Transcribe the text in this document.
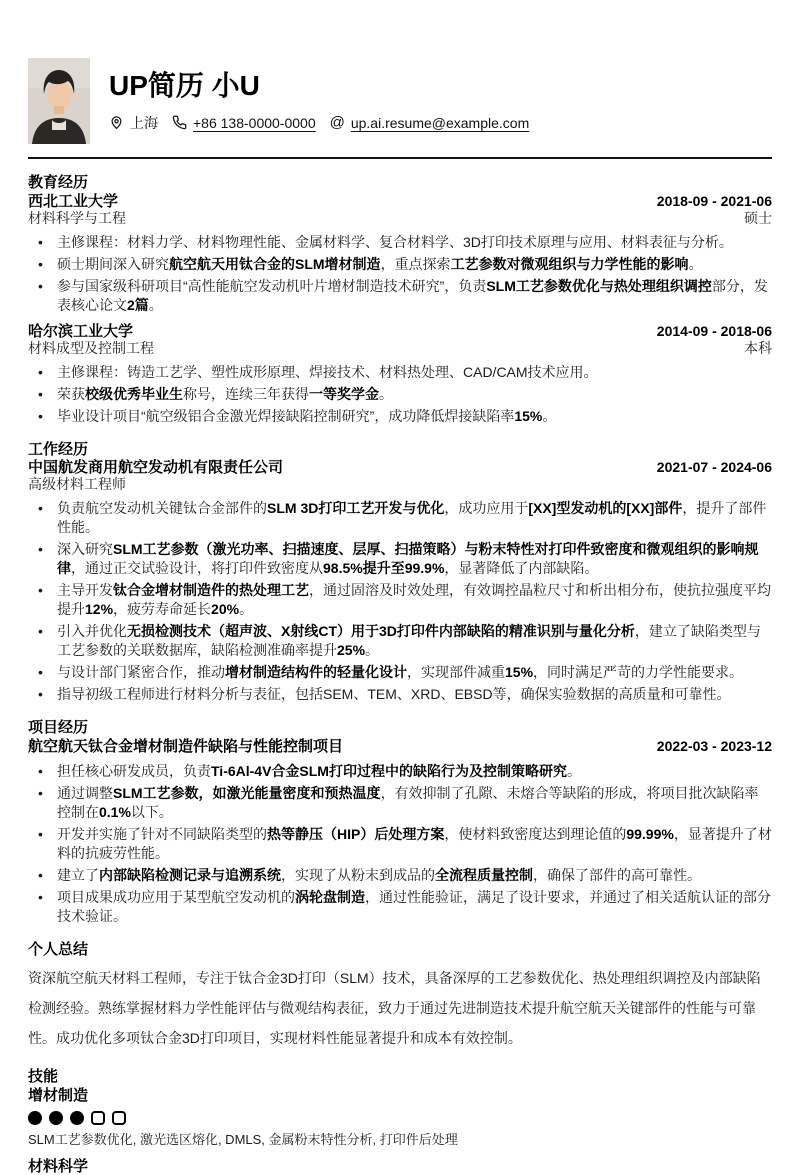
UP简历 小U
上海	+86 138-0000-0000 @ up.ai.resume@example.com
教育经历
西北工业大学	2018-09 - 2021-06
材料科学与工程	硕士
• 主修课程：材料力学、材料物理性能、金属材料学、复合材料学、3D打印技术原理与应用、材料表征与分析。
• 硕士期间深入研究航空航天用钛合金的SLM增材制造，重点探索工艺参数对微观组织与力学性能的影响。
• 参与国家级科研项目“高性能航空发动机叶片增材制造技术研究”，负责SLM工艺参数优化与热处理组织调控部分，发表核心论文2篇。
哈尔滨工业大学	2014-09 - 2018-06
材料成型及控制工程	本科
• 主修课程：铸造工艺学、塑性成形原理、焊接技术、材料热处理、CAD/CAM技术应用。
• 荣获校级优秀毕业生称号，连续三年获得一等奖学金。
• 毕业设计项目“航空级铝合金激光焊接缺陷控制研究”，成功降低焊接缺陷率15%。
工作经历
中国航发商用航空发动机有限责任公司	2021-07 - 2024-06
高级材料工程师
• 负责航空发动机关键钛合金部件的SLM 3D打印工艺开发与优化，成功应用于[XX]型发动机的[XX]部件，提升了部件性能。
• 深入研究SLM工艺参数（激光功率、扫描速度、层厚、扫描策略）与粉末特性对打印件致密度和微观组织的影响规律，通过正交试验设计，将打印件致密度从98.5%提升至99.9%，显著降低了内部缺陷。
• 主导开发钛合金增材制造件的热处理工艺，通过固溶及时效处理，有效调控晶粒尺寸和析出相分布，使抗拉强度平均提升12%，疲劳寿命延长20%。
• 引入并优化无损检测技术（超声波、X射线CT）用于3D打印件内部缺陷的精准识别与量化分析，建立了缺陷类型与工艺参数的关联数据库，缺陷检测准确率提升25%。
• 与设计部门紧密合作，推动增材制造结构件的轻量化设计，实现部件减重15%，同时满足严苛的力学性能要求。
• 指导初级工程师进行材料分析与表征，包括SEM、TEM、XRD、EBSD等，确保实验数据的高质量和可靠性。
项目经历
航空航天钛合金增材制造件缺陷与性能控制项目	2022-03 - 2023-12
• 担任核心研发成员，负责Ti-6Al-4V合金SLM打印过程中的缺陷行为及控制策略研究。
• 通过调整SLM工艺参数，如激光能量密度和预热温度，有效抑制了孔隙、未熔合等缺陷的形成，将项目批次缺陷率控制在0.1%以下。
• 开发并实施了针对不同缺陷类型的热等静压（HIP）后处理方案，使材料致密度达到理论值的99.99%，显著提升了材料的抗疲劳性能。
• 建立了内部缺陷检测记录与追溯系统，实现了从粉末到成品的全流程质量控制，确保了部件的高可靠性。
• 项目成果成功应用于某型航空发动机的涡轮盘制造，通过性能验证，满足了设计要求，并通过了相关适航认证的部分技术验证。
个人总结

资深航空航天材料工程师，专注于钛合金3D打印（SLM）技术，具备深厚的工艺参数优化、热处理组织调控及内部缺陷检测经验。熟练掌握材料力学性能评估与微观结构表征，致力于通过先进制造技术提升航空航天关键部件的性能与可靠性。成功优化多项钛合金3D打印项目，实现材料性能显著提升和成本有效控制。

技能
增材制造
SLM工艺参数优化, 激光选区熔化, DMLS, 金属粉末特性分析, 打印件后处理
材料科学
